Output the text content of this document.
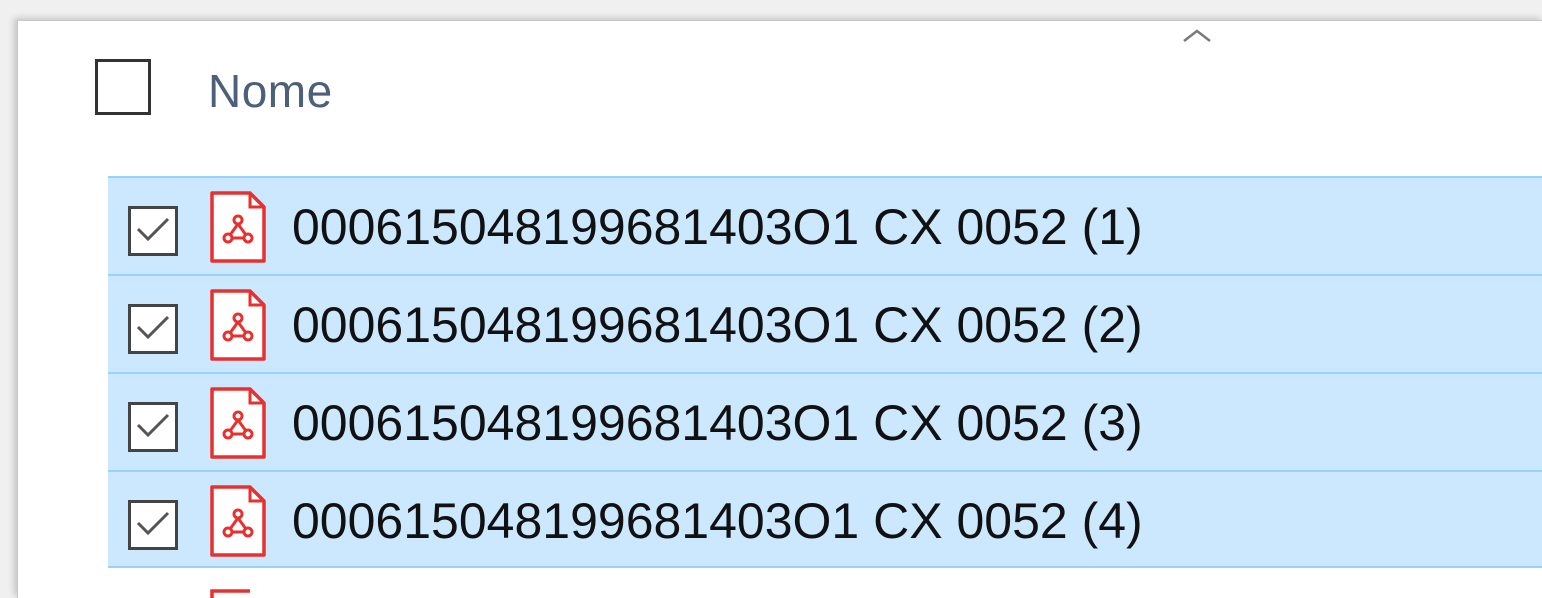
Nome
000615048199681403O1 CX 0052 (1)
000615048199681403O1 CX 0052 (2)
000615048199681403O1 CX 0052 (3)
000615048199681403O1 CX 0052 (4)
